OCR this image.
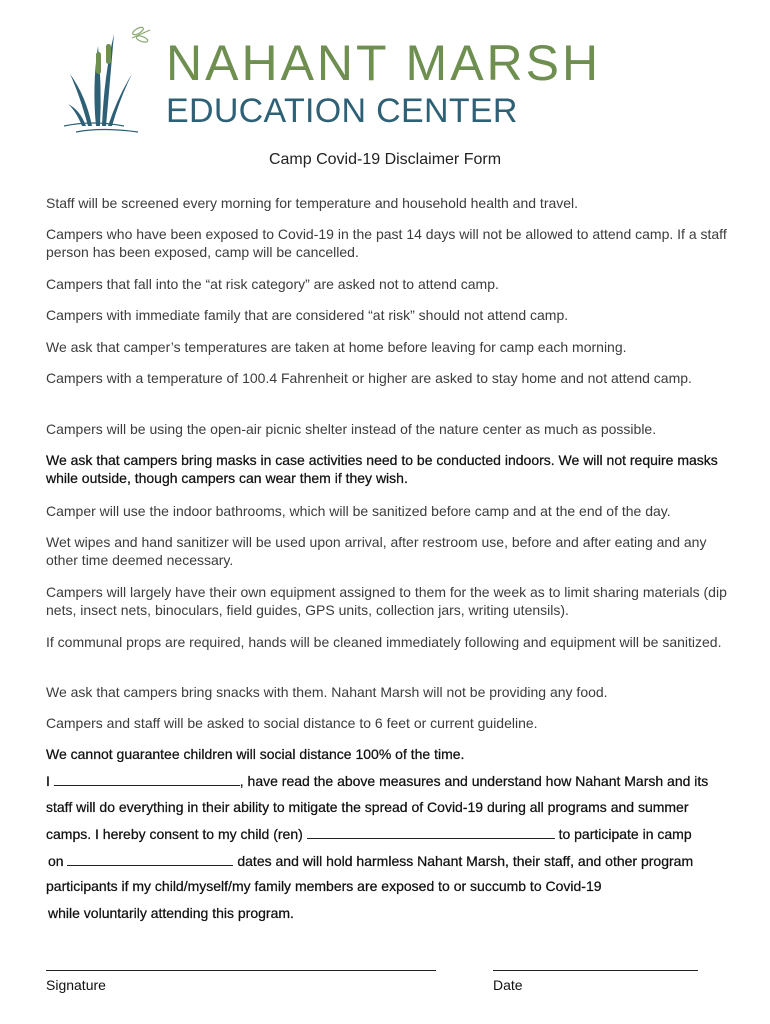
NAHANT MARSH
EDUCATION CENTER
Camp Covid-19 Disclaimer Form
Staff will be screened every morning for temperature and household health and travel.
Campers who have been exposed to Covid-19 in the past 14 days will not be allowed to attend camp. If a staff person has been exposed, camp will be cancelled.
Campers that fall into the “at risk category” are asked not to attend camp.
Campers with immediate family that are considered “at risk” should not attend camp.
We ask that camper’s temperatures are taken at home before leaving for camp each morning.
Campers with a temperature of 100.4 Fahrenheit or higher are asked to stay home and not attend camp.
Campers will be using the open-air picnic shelter instead of the nature center as much as possible.
We ask that campers bring masks in case activities need to be conducted indoors. We will not require masks while outside, though campers can wear them if they wish.
Camper will use the indoor bathrooms, which will be sanitized before camp and at the end of the day.
Wet wipes and hand sanitizer will be used upon arrival, after restroom use, before and after eating and any other time deemed necessary.
Campers will largely have their own equipment assigned to them for the week as to limit sharing materials (dip nets, insect nets, binoculars, field guides, GPS units, collection jars, writing utensils).
If communal props are required, hands will be cleaned immediately following and equipment will be sanitized.
We ask that campers bring snacks with them. Nahant Marsh will not be providing any food.
Campers and staff will be asked to social distance to 6 feet or current guideline.
We cannot guarantee children will social distance 100% of the time.
I	, have read the above measures and understand how Nahant Marsh and its
staff will do everything in their ability to mitigate the spread of Covid-19 during all programs and summer
camps. I hereby consent to my child (ren)	to participate in camp
on	dates and will hold harmless Nahant Marsh, their staff, and other program
participants if my child/myself/my family members are exposed to or succumb to Covid-19
while voluntarily attending this program.
Signature	Date
